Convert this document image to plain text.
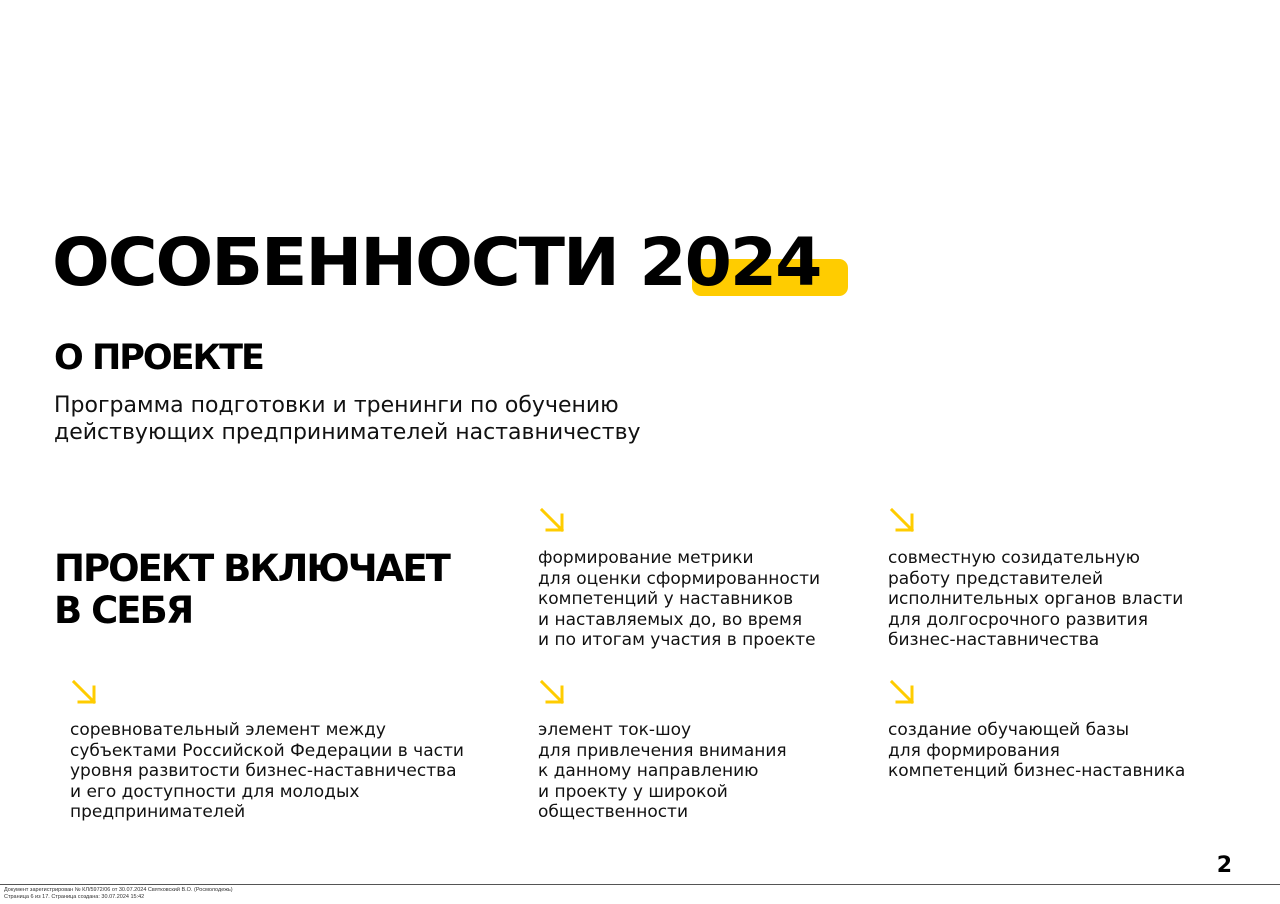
ОСОБЕННОСТИ 2024
О ПРОЕКТЕ

Программа подготовки и тренинги по обучению действующих предпринимателей наставничеству

ПРОЕКТ ВКЛЮЧАЕТ
В СЕБЯ

формирование метрики
для оценки сформированности
компетенций у наставников
и наставляемых до, во время
и по итогам участия в проекте

совместную созидательную
работу представителей
исполнительных органов власти
для долгосрочного развития
бизнес-наставничества

соревновательный элемент между
субъектами Российской Федерации в части
уровня развитости бизнес-наставничества
и его доступности для молодых
предпринимателей

элемент ток-шоу
для привлечения внимания
к данному направлению
и проекту у широкой
общественности

создание обучающей базы
для формирования
компетенций бизнес-наставника

2

Документ зарегистрирован № КЛ/5972/06 от 30.07.2024 Святковский В.О. (Росмолодежь)
Страница 6 из 17. Страница создана: 30.07.2024 15:42
